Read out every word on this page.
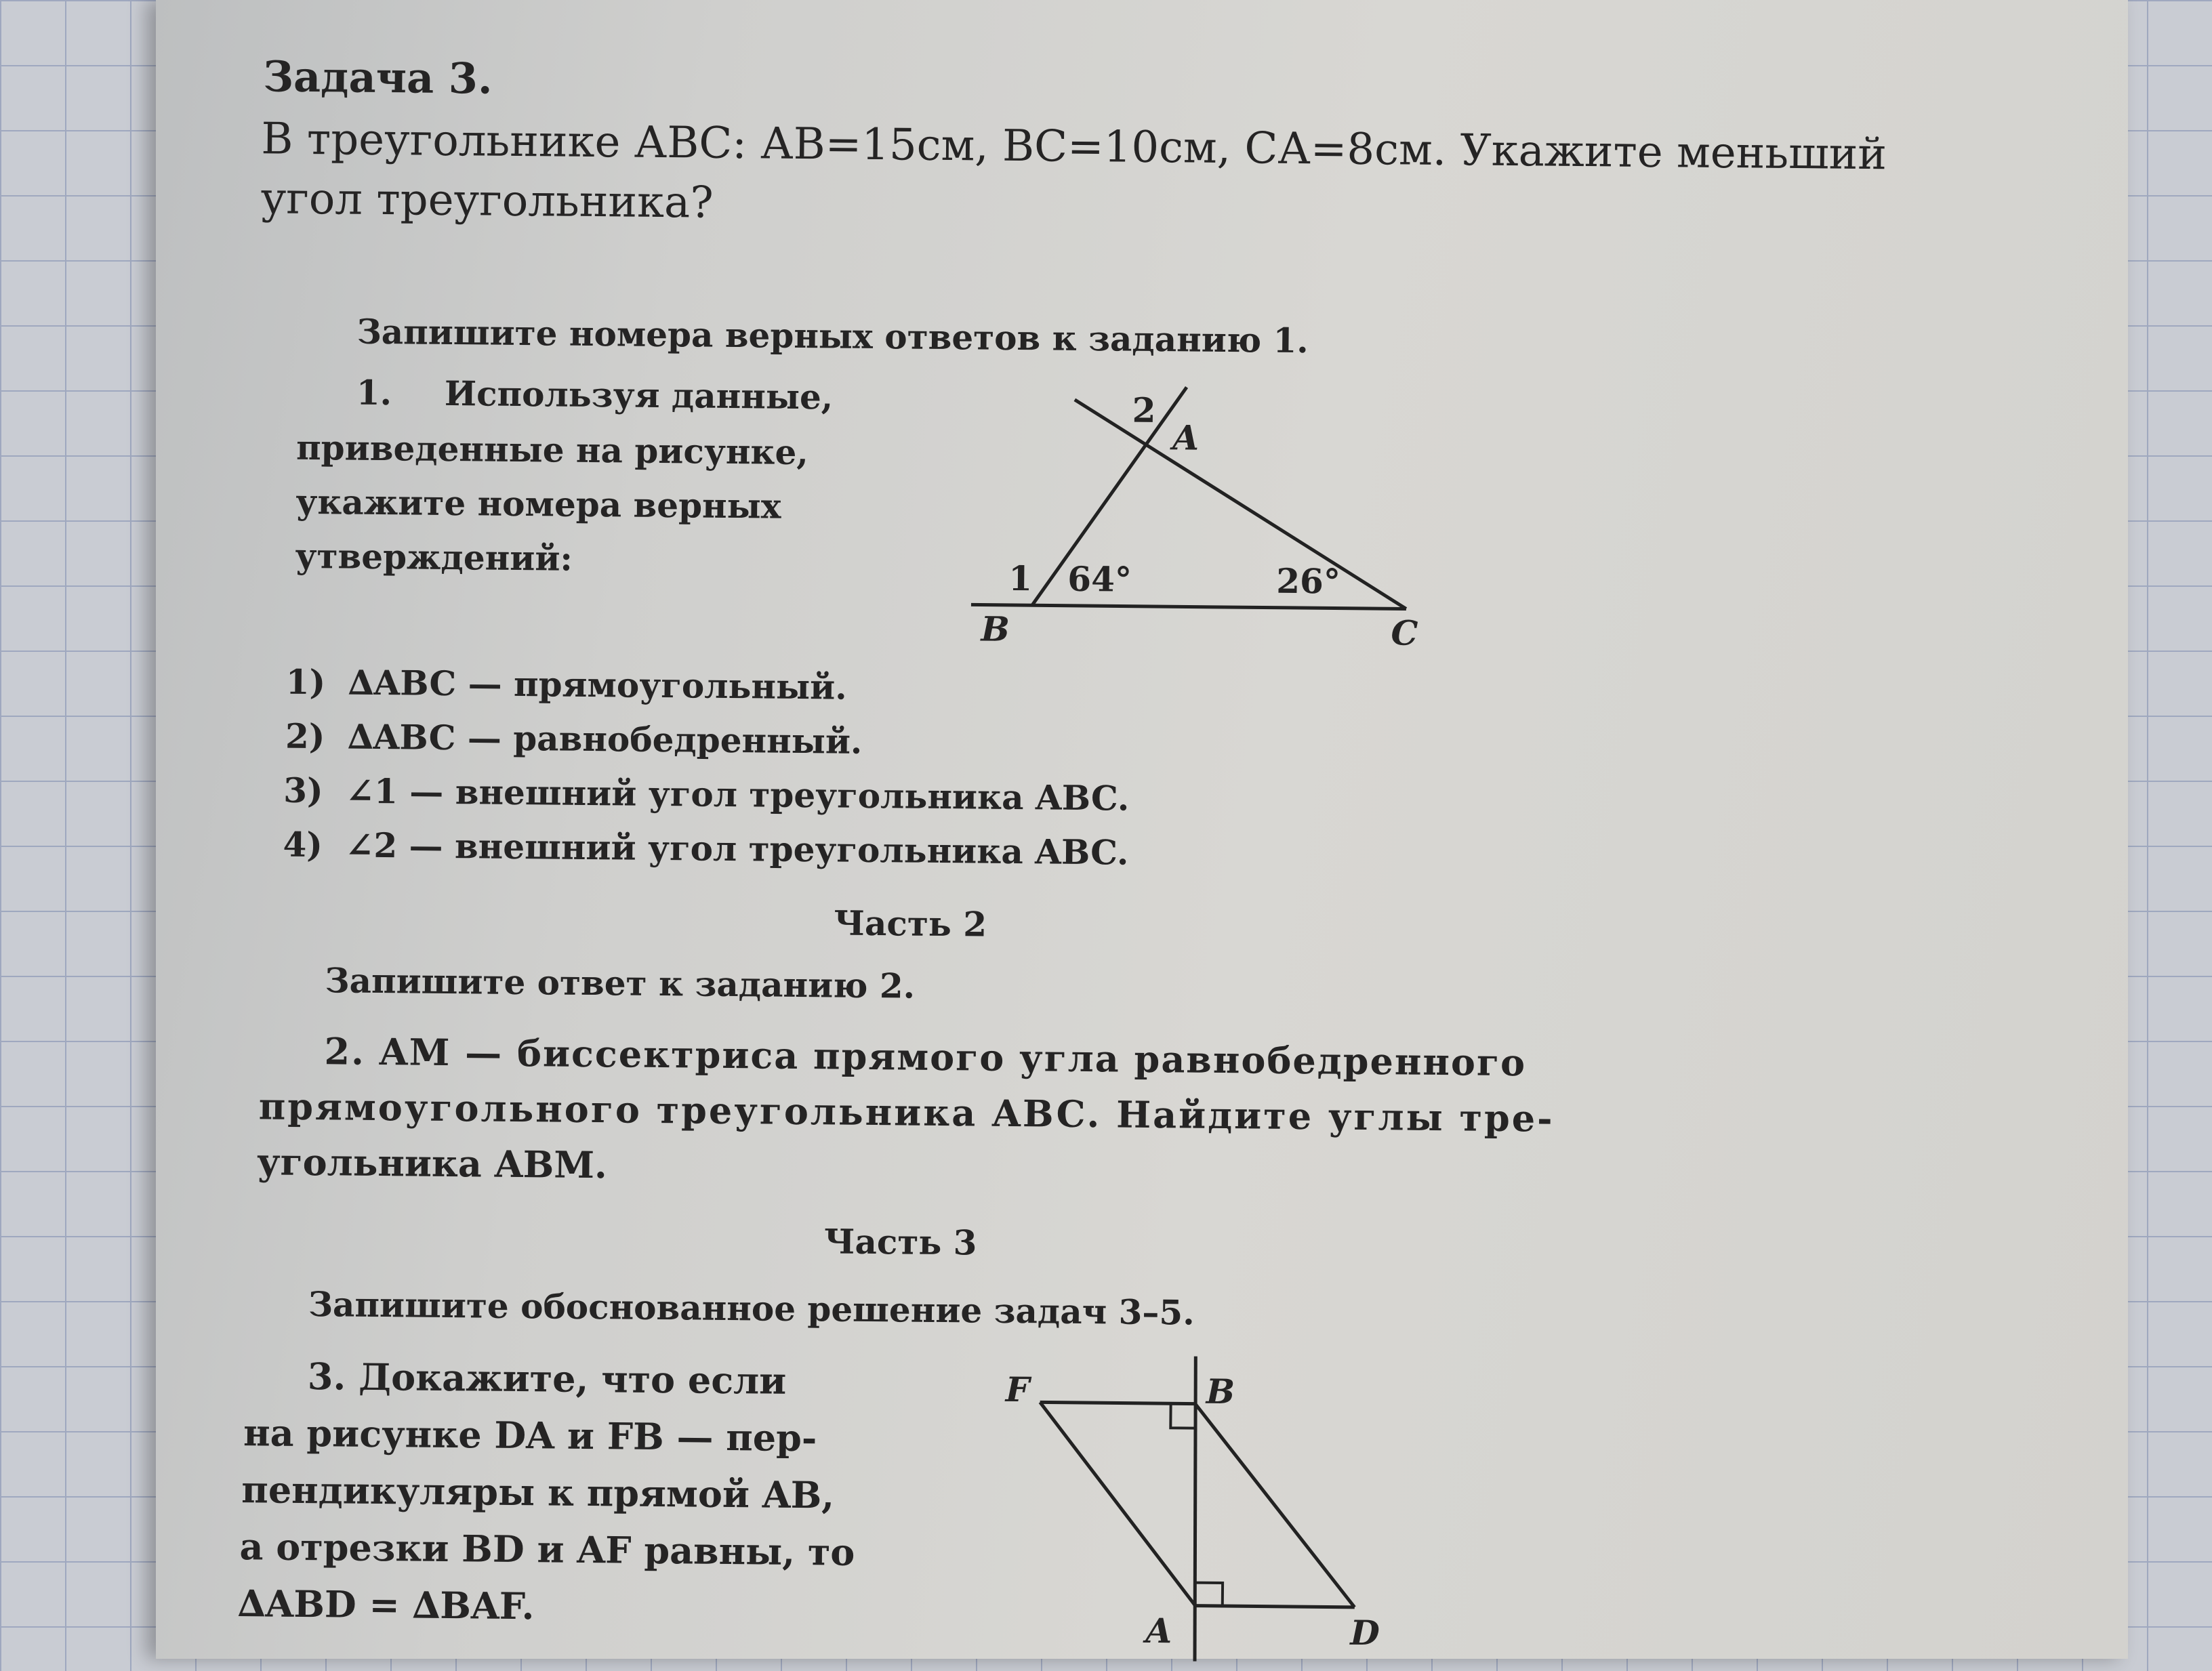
Задача 3.

В треугольнике АВС: АВ=15см, ВС=10см, СА=8см. Укажите меньший

угол треугольника?

Запишите номера верных ответов к заданию 1.

1. Используя данные,

приведенные на рисунке,

укажите номера верных

утверждений:

2
A
1 64°	26°
B	C

1) ∆ABC — прямоугольный.

2) ∆ABC — равнобедренный.

3) ∠1 — внешний угол треугольника ABC.

4) ∠2 — внешний угол треугольника ABC.

Часть 2

Запишите ответ к заданию 2.

2. AM — биссектриса прямого угла равнобедренного

прямоугольного треугольника ABC. Найдите углы тре-

угольника ABM.

Часть 3

Запишите обоснованное решение задач 3–5.

3. Докажите, что если

на рисунке DA и FB — пер-

пендикуляры к прямой AB,

а отрезки BD и AF равны, то

∆ABD = ∆BAF.

F	B
A	D
